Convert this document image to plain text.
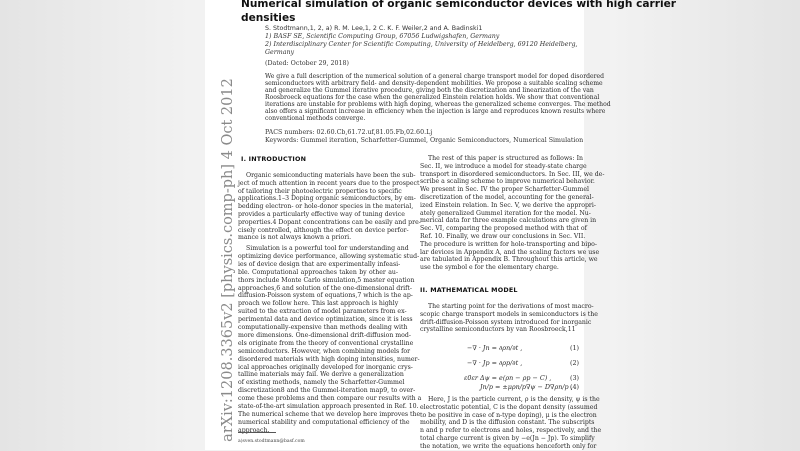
Numerical simulation of organic semiconductor devices with high carrier
densities
S. Stodtmann,1, 2, a) R. M. Lee,1, 2 C. K. F. Weiler,2 and A. Badinski1
1) BASF SE, Scientific Computing Group, 67056 Ludwigshafen, Germany
2) Interdisciplinary Center for Scientific Computing, University of Heidelberg, 69120 Heidelberg,
Germany
(Dated: October 29, 2018)
We give a full description of the numerical solution of a general charge transport model for doped disordered
semiconductors with arbitrary field- and density-dependent mobilities. We propose a suitable scaling scheme
and generalize the Gummel iterative procedure, giving both the discretization and linearization of the van
Roosbroeck equations for the case when the generalized Einstein relation holds. We show that conventional
iterations are unstable for problems with high doping, whereas the generalized scheme converges. The method
also offers a significant increase in efficiency when the injection is large and reproduces known results where
conventional methods converge.
PACS numbers: 02.60.Cb,61.72.uf,81.05.Fb,02.60.Lj
Keywords: Gummel iteration, Scharfetter-Gummel, Organic Semiconductors, Numerical Simulation
I. INTRODUCTION
Organic semiconducting materials have been the sub-
ject of much attention in recent years due to the prospect
of tailoring their photoelectric properties to specific
applications.1–3 Doping organic semiconductors, by em-
bedding electron- or hole-donor species in the material,
provides a particularly effective way of tuning device
properties.4 Dopant concentrations can be easily and pre-
cisely controlled, although the effect on device perfor-
mance is not always known a priori.
Simulation is a powerful tool for understanding and
optimizing device performance, allowing systematic stud-
ies of device design that are experimentally infeasi-
ble. Computational approaches taken by other au-
thors include Monte Carlo simulation,5 master equation
approaches,6 and solution of the one-dimensional drift-
diffusion-Poisson system of equations,7 which is the ap-
proach we follow here. This last approach is highly
suited to the extraction of model parameters from ex-
perimental data and device optimization, since it is less
computationally-expensive than methods dealing with
more dimensions. One-dimensional drift-diffusion mod-
els originate from the theory of conventional crystalline
semiconductors. However, when combining models for
disordered materials with high doping intensities, numer-
ical approaches originally developed for inorganic crys-
talline materials may fail. We derive a generalization
of existing methods, namely the Scharfetter-Gummel
discretization8 and the Gummel-iteration map9, to over-
come these problems and then compare our results with a
state-of-the-art simulation approach presented in Ref. 10.
The numerical scheme that we develop here improves the
numerical stability and computational efficiency of the
approach.
a)sven.stodtmann@basf.com
The rest of this paper is structured as follows: In
Sec. II, we introduce a model for steady-state charge
transport in disordered semiconductors. In Sec. III, we de-
scribe a scaling scheme to improve numerical behavior.
We present in Sec. IV the proper Scharfetter-Gummel
discretization of the model, accounting for the general-
ized Einstein relation. In Sec. V, we derive the appropri-
ately generalized Gummel iteration for the model. Nu-
merical data for three example calculations are given in
Sec. VI, comparing the proposed method with that of
Ref. 10. Finally, we draw our conclusions in Sec. VII.
The procedure is written for hole-transporting and bipo-
lar devices in Appendix A, and the scaling factors we use
are tabulated in Appendix B. Throughout this article, we
use the symbol e for the elementary charge.
The starting point for the derivations of most macro-
scopic charge transport models in semiconductors is the
drift-diffusion-Poisson system introduced for inorganic
crystalline semiconductors by van Roosbroeck,11
Here, J is the particle current, ρ is the density, ψ is the
electrostatic potential, C is the dopant density (assumed
to be positive in case of n-type doping), μ is the electron
mobility, and D is the diffusion constant. The subscripts
n and p refer to electrons and holes, respectively, and the
total charge current is given by −e(Jn − Jp). To simplify
the notation, we write the equations henceforth only for
II. MATHEMATICAL MODEL
−∇ · Jn = ∂ρn/∂t ,	(1)
−∇ · Jp = ∂ρp/∂t ,	(2)
ε0εr Δψ = e(ρn − ρp − C) ,	(3)
Jn/p = ±μρn/p∇ψ − D∇ρn/p ,
(4)
arXiv:1208.3365v2 [physics.comp-ph] 4 Oct 2012
